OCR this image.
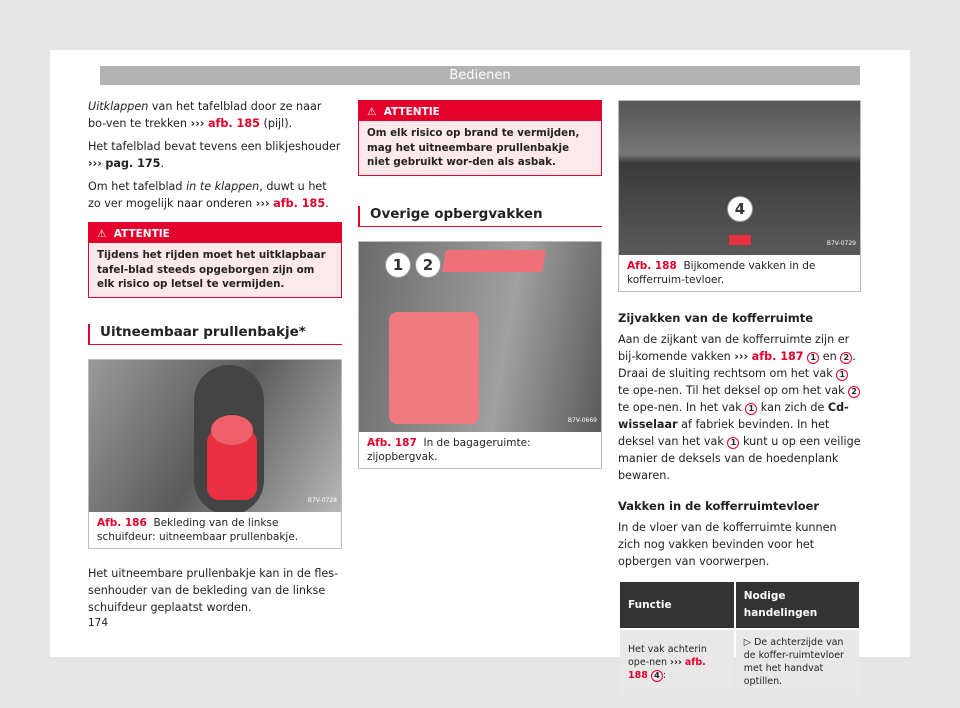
Bedienen

Uitklappen van het tafelblad door ze naar bo-ven te trekken ››› afb. 185 (pijl).

Het tafelblad bevat tevens een blikjeshouder ››› pag. 175.

Om het tafelblad in te klappen, duwt u het zo ver mogelijk naar onderen ››› afb. 185.

⚠ ATTENTIE
Tijdens het rijden moet het uitklapbaar tafel-blad steeds opgeborgen zijn om elk risico op letsel te vermijden.
Uitneembaar prullenbakje*
B7V-0728
Afb. 186 Bekleding van de linkse schuifdeur: uitneembaar prullenbakje.

Het uitneembare prullenbakje kan in de fles-senhouder van de bekleding van de linkse schuifdeur geplaatst worden.

⚠ ATTENTIE
Om elk risico op brand te vermijden, mag het uitneembare prullenbakje niet gebruikt wor-den als asbak.
Overige opbergvakken
1	2
B7V-0669
Afb. 187 In de bagageruimte: zijopbergvak.
4
B7V-0729
Afb. 188 Bijkomende vakken in de kofferruim-tevloer.
Zijvakken van de kofferruimte

Aan de zijkant van de kofferruimte zijn er bij-komende vakken ››› afb. 187 1 en 2 . Draai de sluiting rechtsom om het vak 1 te ope-nen. Til het deksel op om het vak 2 te ope-nen. In het vak 1 kan zich de Cd-wisselaar af fabriek bevinden. In het deksel van het vak 1 kunt u op een veilige manier de deksels van de hoedenplank bewaren.

Vakken in de kofferruimtevloer

In de vloer van de kofferruimte kunnen zich nog vakken bevinden voor het opbergen van voorwerpen.

Functie	Nodige handelingen
Het vak achterin ope-nen ››› afb. 188 4 :	▷ De achterzijde van de koffer-ruimtevloer met het handvat optillen.
174
